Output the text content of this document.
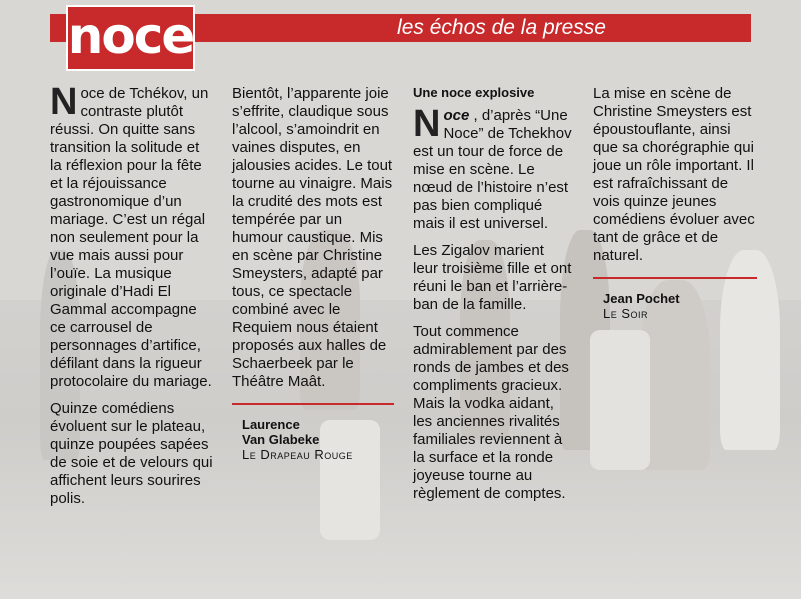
les échos de la presse
noce

Noce de Tchékov, un contraste plutôt réussi. On quitte sans transition la solitude et la réflexion pour la fête et la réjouissance gastronomique d’un mariage. C’est un régal non seulement pour la vue mais aussi pour l’ouïe. La musique originale d’Hadi El Gammal accompagne ce carrousel de personnages d’artifice, défilant dans la rigueur protocolaire du mariage.

Quinze comédiens évoluent sur le plateau, quinze poupées sapées de soie et de velours qui affichent leurs sourires polis.

Bientôt, l’apparente joie s’effrite, claudique sous l’alcool, s’amoindrit en vaines disputes, en jalousies acides. Le tout tourne au vinaigre. Mais la crudité des mots est tempérée par un humour caustique. Mis en scène par Christine Smeysters, adapté par tous, ce spectacle combiné avec le Requiem nous étaient proposés aux halles de Schaerbeek par le Théâtre Maât.

Laurence
Van Glabeke
Le Drapeau Rouge
Une noce explosive

Noce , d’après “Une Noce” de Tchekhov est un tour de force de mise en scène. Le nœud de l’histoire n’est pas bien compliqué mais il est universel.

Les Zigalov marient leur troisième fille et ont réuni le ban et l’arrière-ban de la famille.

Tout commence admirablement par des ronds de jambes et des compliments gracieux. Mais la vodka aidant, les anciennes rivalités familiales reviennent à la surface et la ronde joyeuse tourne au règlement de comptes.

La mise en scène de Christine Smeysters est époustouflante, ainsi que sa chorégraphie qui joue un rôle important. Il est rafraîchissant de vois quinze jeunes comédiens évoluer avec tant de grâce et de naturel.

Jean Pochet
Le Soir
